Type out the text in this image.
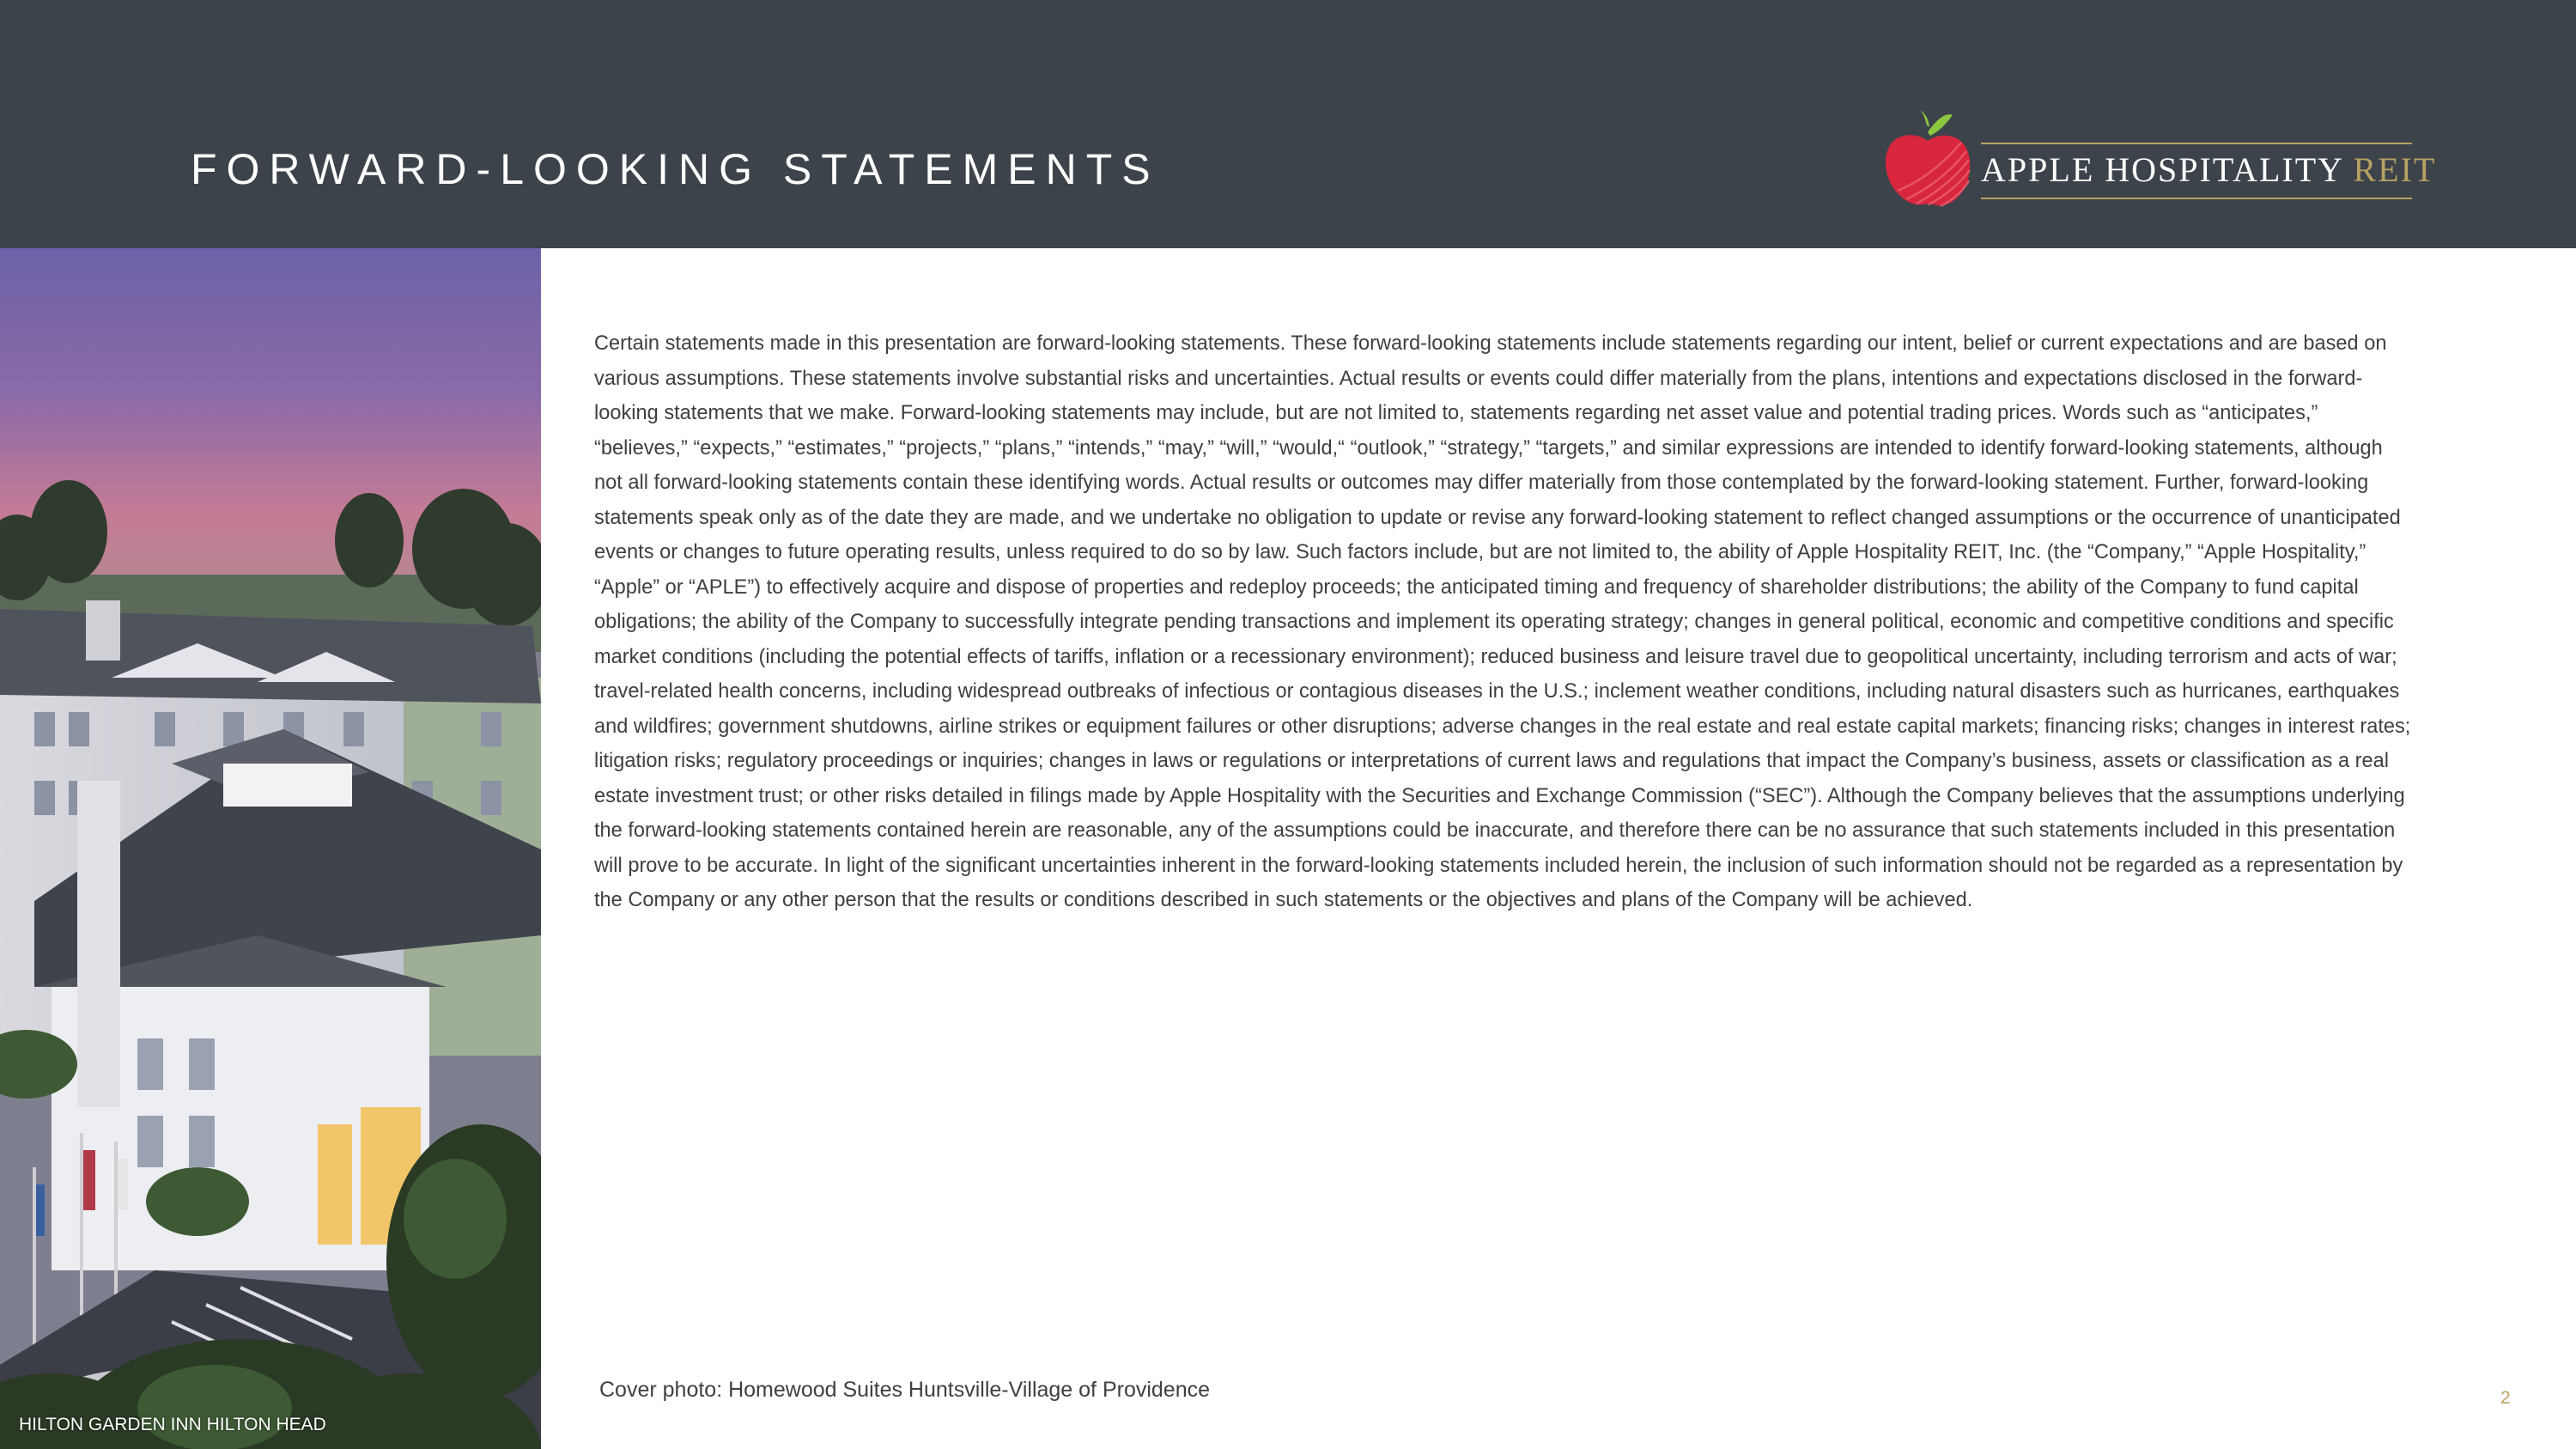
FORWARD-LOOKING STATEMENTS	APPLE HOSPITALITY REIT
HILTON GARDEN INN HILTON HEAD

Certain statements made in this presentation are forward-looking statements. These forward-looking statements include statements regarding our intent, belief or current expectations and are based on various assumptions. These statements involve substantial risks and uncertainties. Actual results or events could differ materially from the plans, intentions and expectations disclosed in the forward-looking statements that we make. Forward-looking statements may include, but are not limited to, statements regarding net asset value and potential trading prices. Words such as “anticipates,” “believes,” “expects,” “estimates,” “projects,” “plans,” “intends,” “may,” “will,” “would,“ “outlook,” “strategy,” “targets,” and similar expressions are intended to identify forward-looking statements, although not all forward-looking statements contain these identifying words. Actual results or outcomes may differ materially from those contemplated by the forward-looking statement. Further, forward-looking statements speak only as of the date they are made, and we undertake no obligation to update or revise any forward-looking statement to reflect changed assumptions or the occurrence of unanticipated events or changes to future operating results, unless required to do so by law. Such factors include, but are not limited to, the ability of Apple Hospitality REIT, Inc. (the “Company,” “Apple Hospitality,” “Apple” or “APLE”) to effectively acquire and dispose of properties and redeploy proceeds; the anticipated timing and frequency of shareholder distributions; the ability of the Company to fund capital obligations; the ability of the Company to successfully integrate pending transactions and implement its operating strategy; changes in general political, economic and competitive conditions and specific market conditions (including the potential effects of tariffs, inflation or a recessionary environment); reduced business and leisure travel due to geopolitical uncertainty, including terrorism and acts of war; travel-related health concerns, including widespread outbreaks of infectious or contagious diseases in the U.S.; inclement weather conditions, including natural disasters such as hurricanes, earthquakes and wildfires; government shutdowns, airline strikes or equipment failures or other disruptions; adverse changes in the real estate and real estate capital markets; financing risks; changes in interest rates; litigation risks; regulatory proceedings or inquiries; changes in laws or regulations or interpretations of current laws and regulations that impact the Company’s business, assets or classification as a real estate investment trust; or other risks detailed in filings made by Apple Hospitality with the Securities and Exchange Commission (“SEC”). Although the Company believes that the assumptions underlying the forward-looking statements contained herein are reasonable, any of the assumptions could be inaccurate, and therefore there can be no assurance that such statements included in this presentation will prove to be accurate. In light of the significant uncertainties inherent in the forward-looking statements included herein, the inclusion of such information should not be regarded as a representation by the Company or any other person that the results or conditions described in such statements or the objectives and plans of the Company will be achieved.

Cover photo: Homewood Suites Huntsville-Village of Providence	2
